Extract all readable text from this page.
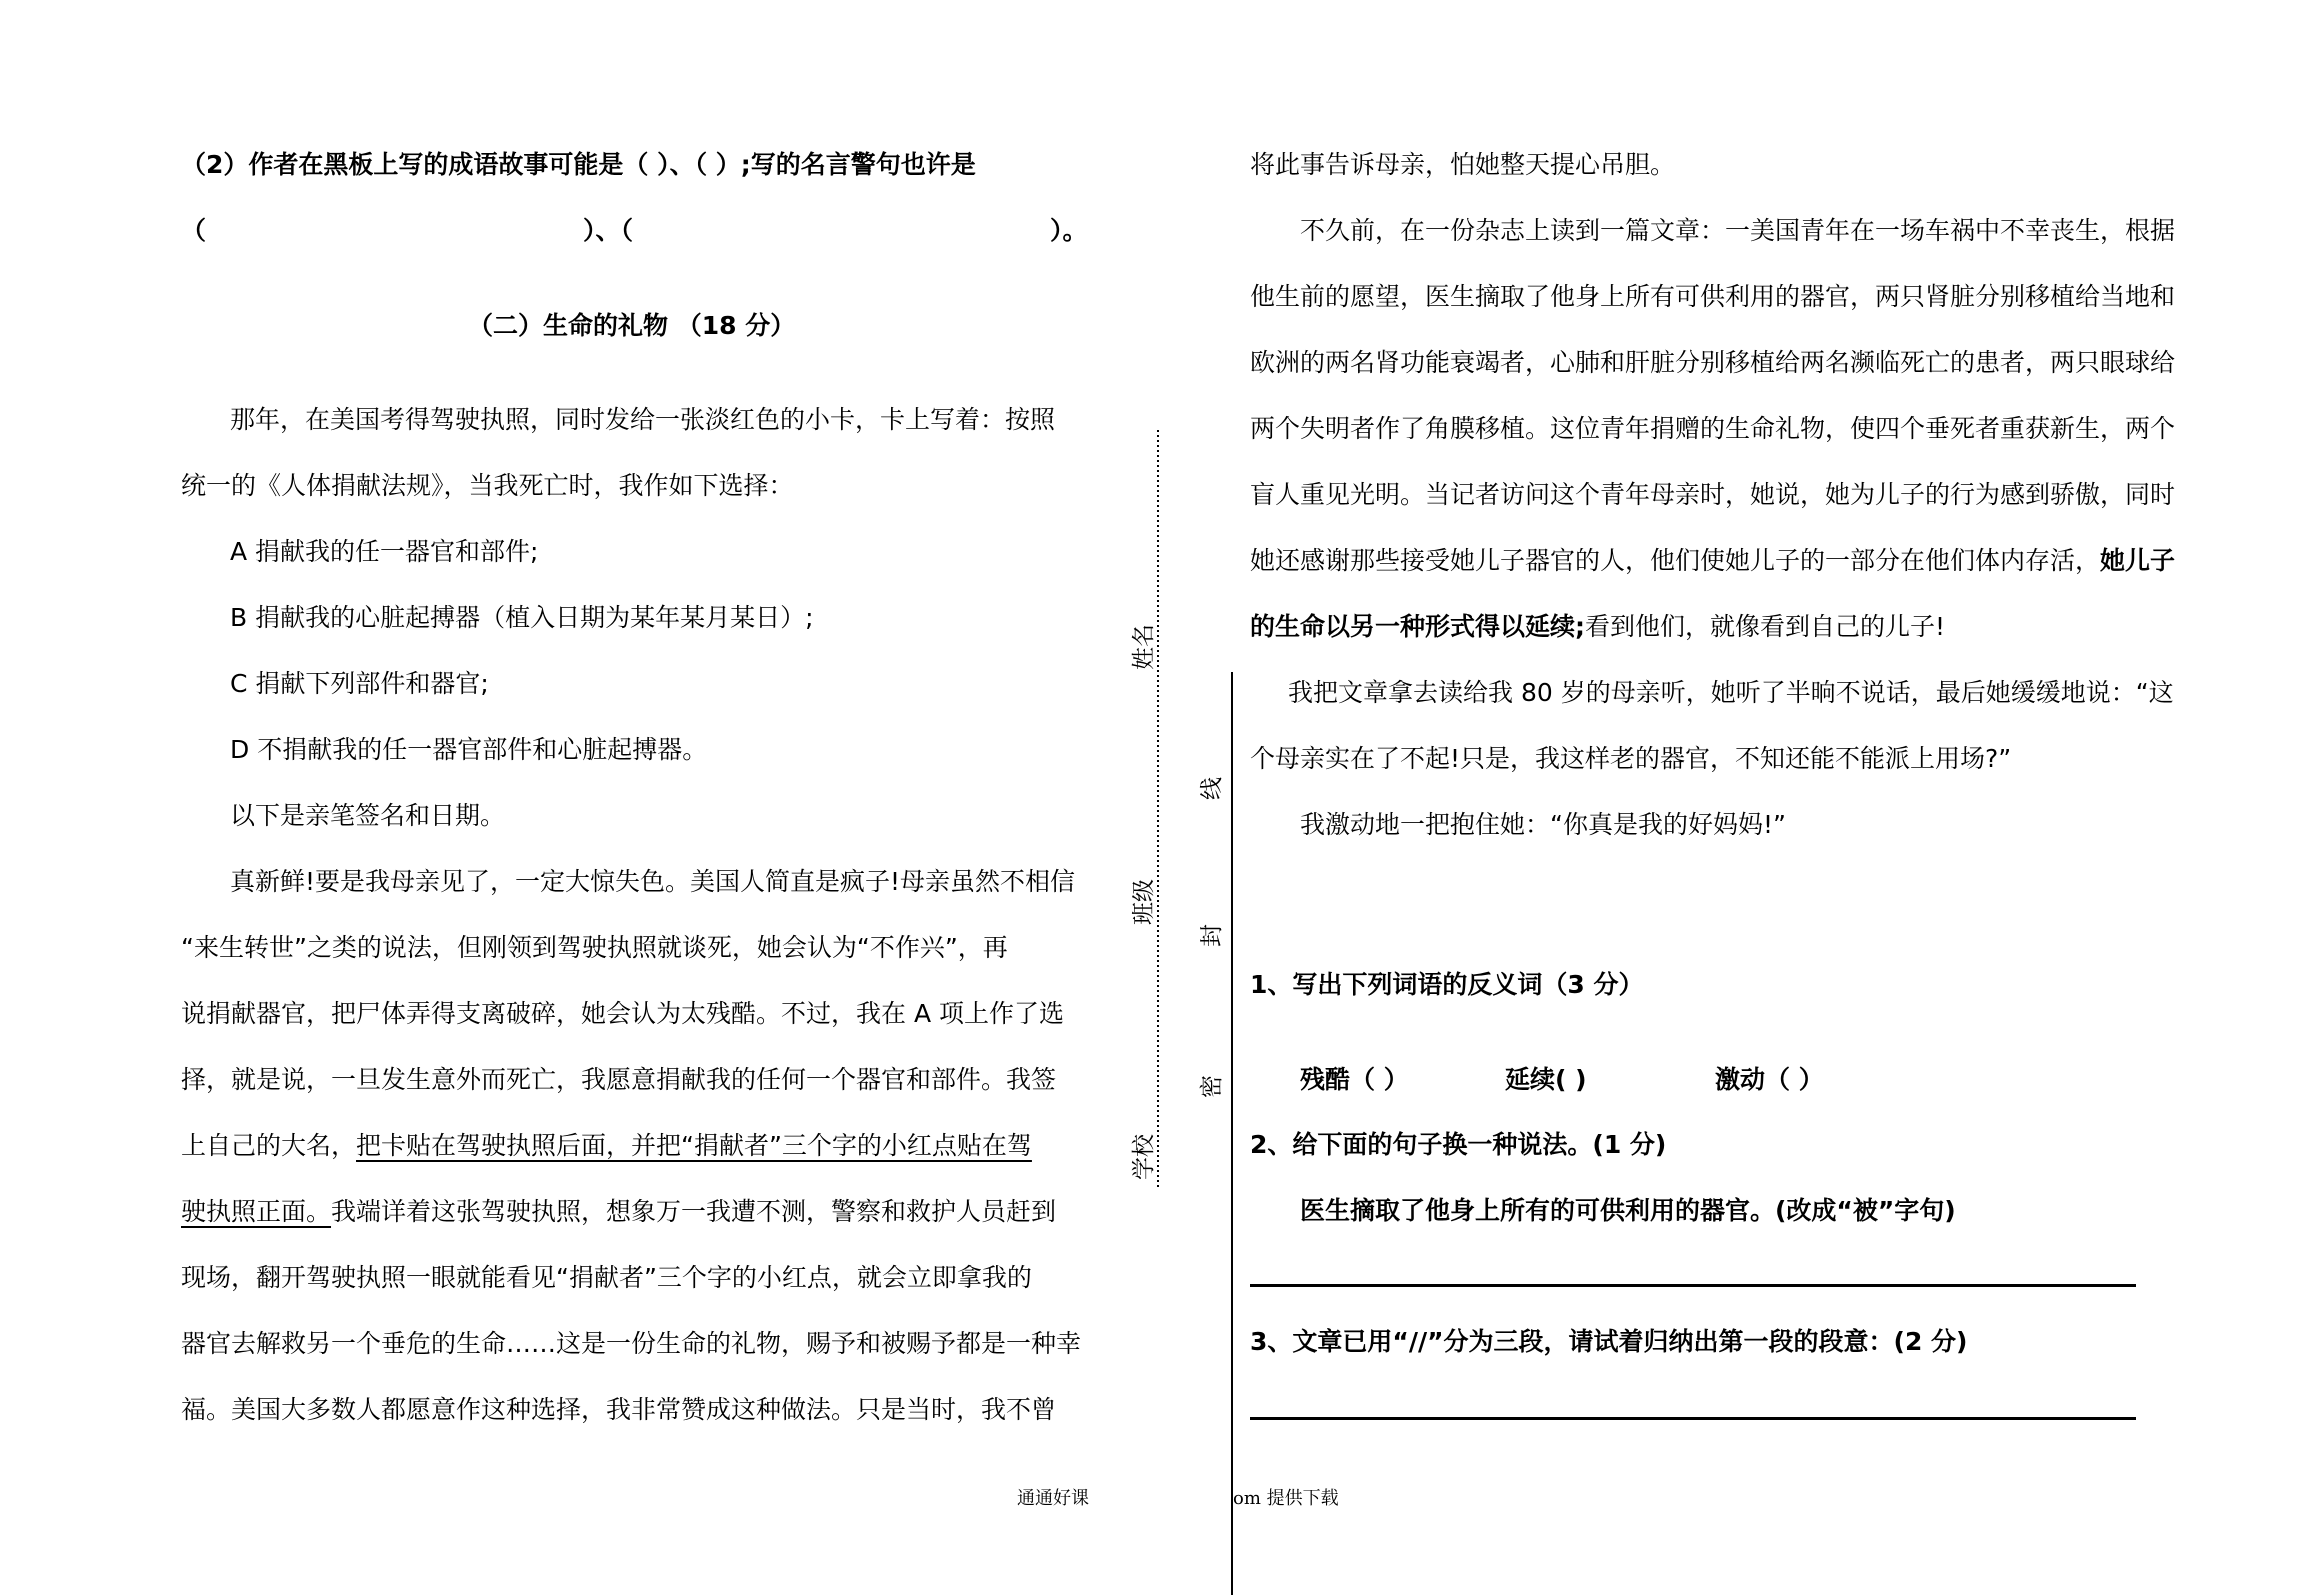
（2）作者在黑板上写的成语故事可能是（ ）、（ ）;写的名言警句也许是
（	）、（	）。
（二）生命的礼物 （18 分）
那年，在美国考得驾驶执照，同时发给一张淡红色的小卡，卡上写着：按照
统一的《人体捐献法规》，当我死亡时，我作如下选择：
A 捐献我的任一器官和部件;
B 捐献我的心脏起搏器（植入日期为某年某月某日）;
C 捐献下列部件和器官;
D 不捐献我的任一器官部件和心脏起搏器。
以下是亲笔签名和日期。
真新鲜!要是我母亲见了，一定大惊失色。美国人简直是疯子!母亲虽然不相信
“来生转世”之类的说法，但刚领到驾驶执照就谈死，她会认为“不作兴”，再
说捐献器官，把尸体弄得支离破碎，她会认为太残酷。不过，我在 A 项上作了选
择，就是说，一旦发生意外而死亡，我愿意捐献我的任何一个器官和部件。我签
上自己的大名，把卡贴在驾驶执照后面，并把“捐献者”三个字的小红点贴在驾
驶执照正面。我端详着这张驾驶执照，想象万一我遭不测，警察和救护人员赶到
现场，翻开驾驶执照一眼就能看见“捐献者”三个字的小红点，就会立即拿我的
器官去解救另一个垂危的生命……这是一份生命的礼物，赐予和被赐予都是一种幸
福。美国大多数人都愿意作这种选择，我非常赞成这种做法。只是当时，我不曾
姓名
班级
学校
线
封
密
将此事告诉母亲，怕她整天提心吊胆。
不久前，在一份杂志上读到一篇文章：一美国青年在一场车祸中不幸丧生，根据
他生前的愿望，医生摘取了他身上所有可供利用的器官，两只肾脏分别移植给当地和
欧洲的两名肾功能衰竭者，心肺和肝脏分别移植给两名濒临死亡的患者，两只眼球给
两个失明者作了角膜移植。这位青年捐赠的生命礼物，使四个垂死者重获新生，两个
盲人重见光明。当记者访问这个青年母亲时，她说，她为儿子的行为感到骄傲，同时
她还感谢那些接受她儿子器官的人，他们使她儿子的一部分在他们体内存活，她儿子
的生命以另一种形式得以延续;看到他们，就像看到自己的儿子!
我把文章拿去读给我 80 岁的母亲听，她听了半晌不说话，最后她缓缓地说：“这
个母亲实在了不起!只是，我这样老的器官，不知还能不能派上用场?”
我激动地一把抱住她：“你真是我的好妈妈!”
1、写出下列词语的反义词（3 分）
残酷（ ）	延续( )	激动（ ）
2、给下面的句子换一种说法。(1 分)
医生摘取了他身上所有的可供利用的器官。(改成“被”字句)
3、文章已用“//”分为三段，请试着归纳出第一段的段意：(2 分)
通通好课	om 提供下载
